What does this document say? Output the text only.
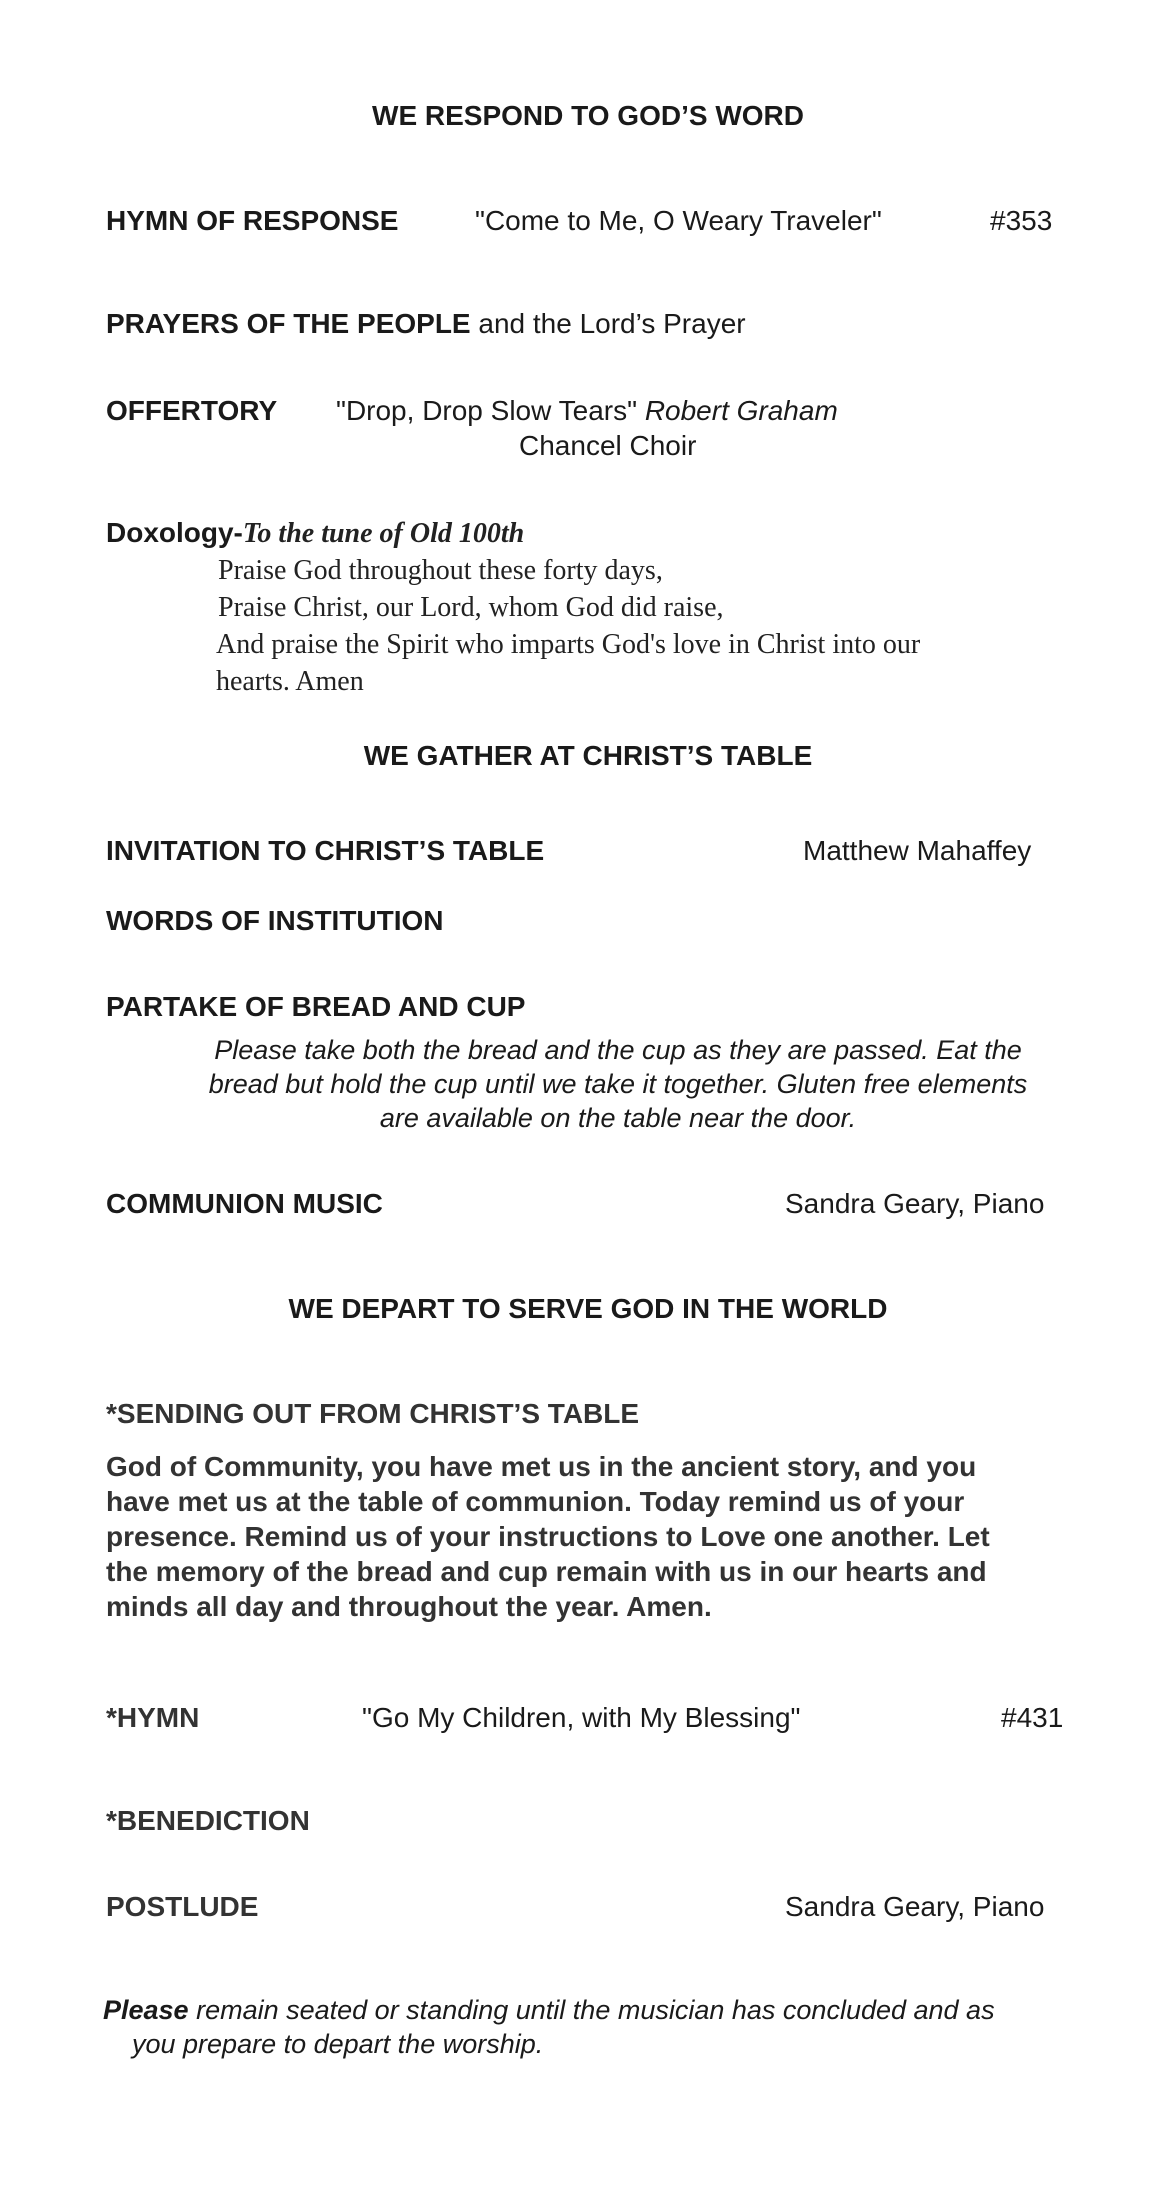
WE RESPOND TO GOD’S WORD
HYMN OF RESPONSE	"Come to Me, O Weary Traveler"	#353
PRAYERS OF THE PEOPLE and the Lord’s Prayer
OFFERTORY "Drop, Drop Slow Tears" Robert Graham
Chancel Choir
Doxology-To the tune of Old 100th
Praise God throughout these forty days,
Praise Christ, our Lord, whom God did raise,
And praise the Spirit who imparts God's love in Christ into our
hearts. Amen
WE GATHER AT CHRIST’S TABLE
INVITATION TO CHRIST’S TABLE	Matthew Mahaffey
WORDS OF INSTITUTION
PARTAKE OF BREAD AND CUP
Please take both the bread and the cup as they are passed. Eat the
bread but hold the cup until we take it together. Gluten free elements
are available on the table near the door.
COMMUNION MUSIC	Sandra Geary, Piano
WE DEPART TO SERVE GOD IN THE WORLD
*SENDING OUT FROM CHRIST’S TABLE
God of Community, you have met us in the ancient story, and you
have met us at the table of communion. Today remind us of your
presence. Remind us of your instructions to Love one another. Let
the memory of the bread and cup remain with us in our hearts and
minds all day and throughout the year. Amen.
*HYMN	"Go My Children, with My Blessing"	#431
*BENEDICTION
POSTLUDE	Sandra Geary, Piano
Please remain seated or standing until the musician has concluded and as
you prepare to depart the worship.
